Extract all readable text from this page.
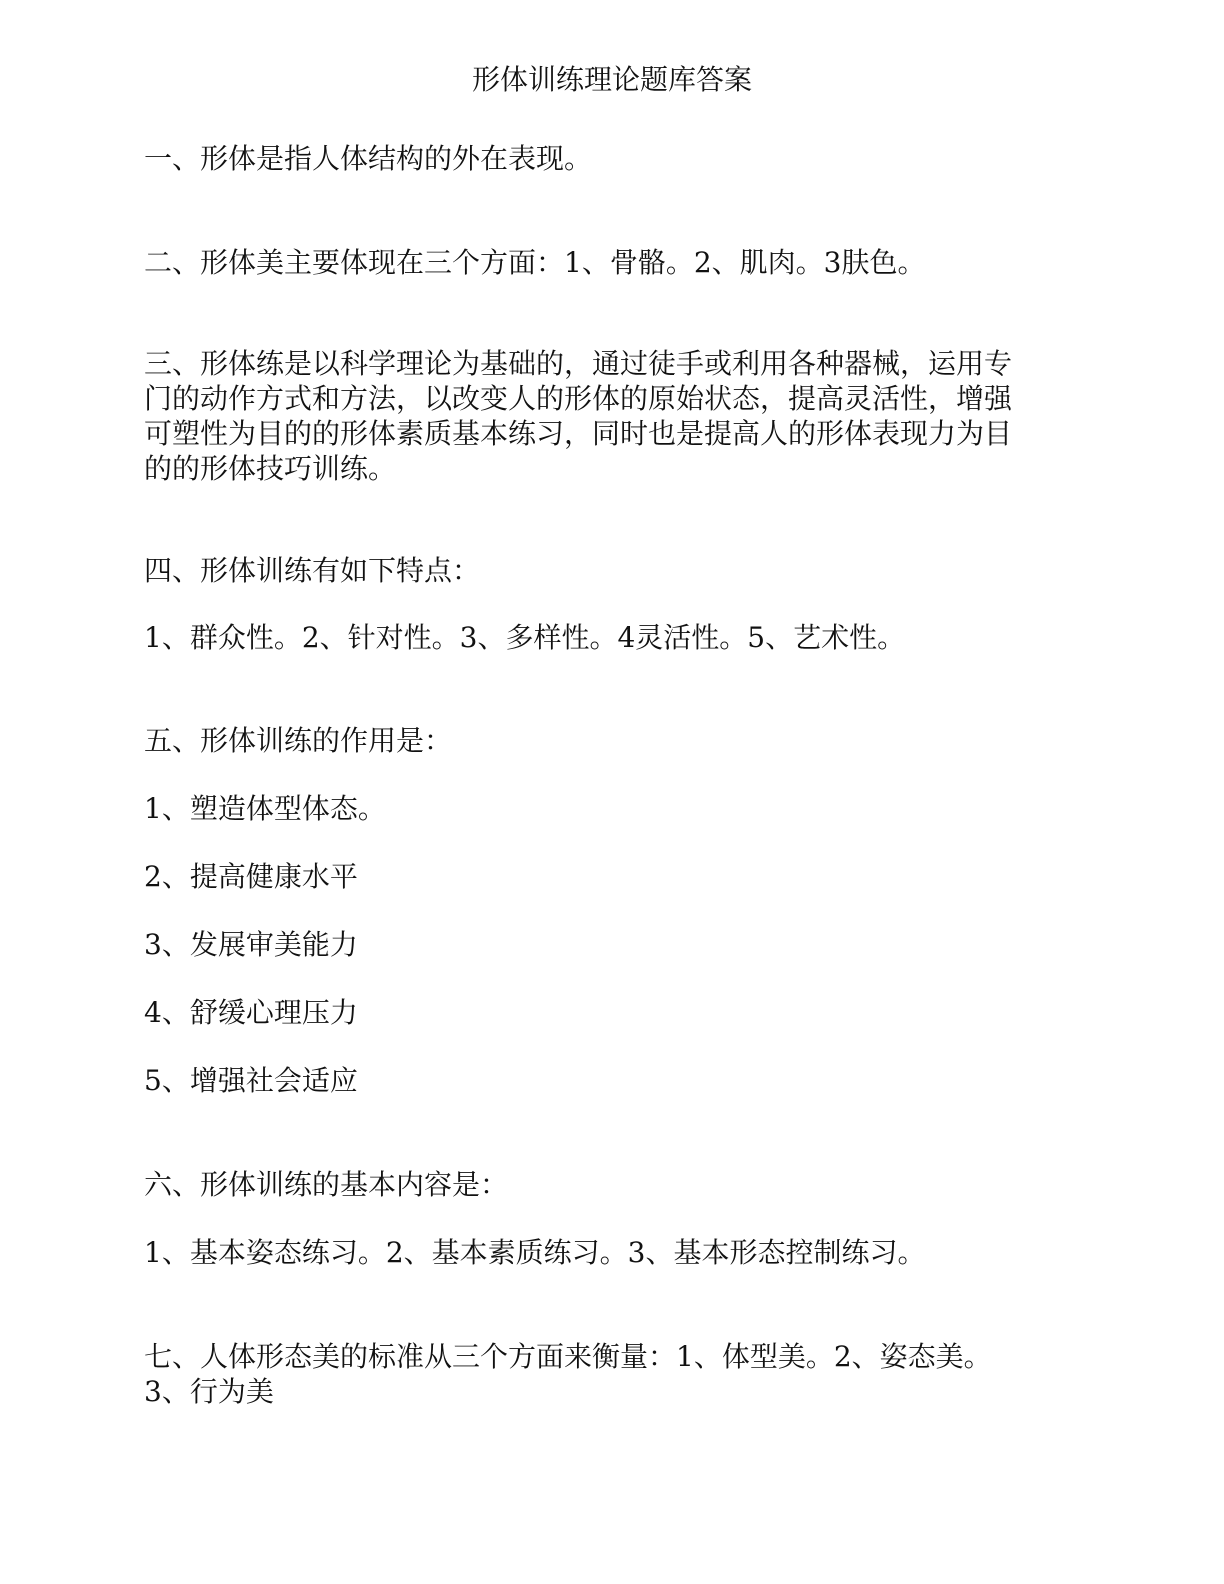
形体训练理论题库答案
一、形体是指人体结构的外在表现。
二、形体美主要体现在三个方面：1、骨骼。2、肌肉。3肤色。
三、形体练是以科学理论为基础的，通过徒手或利用各种器械，运用专
门的动作方式和方法，以改变人的形体的原始状态，提高灵活性，增强
可塑性为目的的形体素质基本练习，同时也是提高人的形体表现力为目
的的形体技巧训练。
四、形体训练有如下特点：
1、群众性。2、针对性。3、多样性。4灵活性。5、艺术性。
五、形体训练的作用是：
1、塑造体型体态。
2、提高健康水平
3、发展审美能力
4、舒缓心理压力
5、增强社会适应
六、形体训练的基本内容是：
1、基本姿态练习。2、基本素质练习。3、基本形态控制练习。
七、人体形态美的标准从三个方面来衡量：1、体型美。2、姿态美。
3、行为美
